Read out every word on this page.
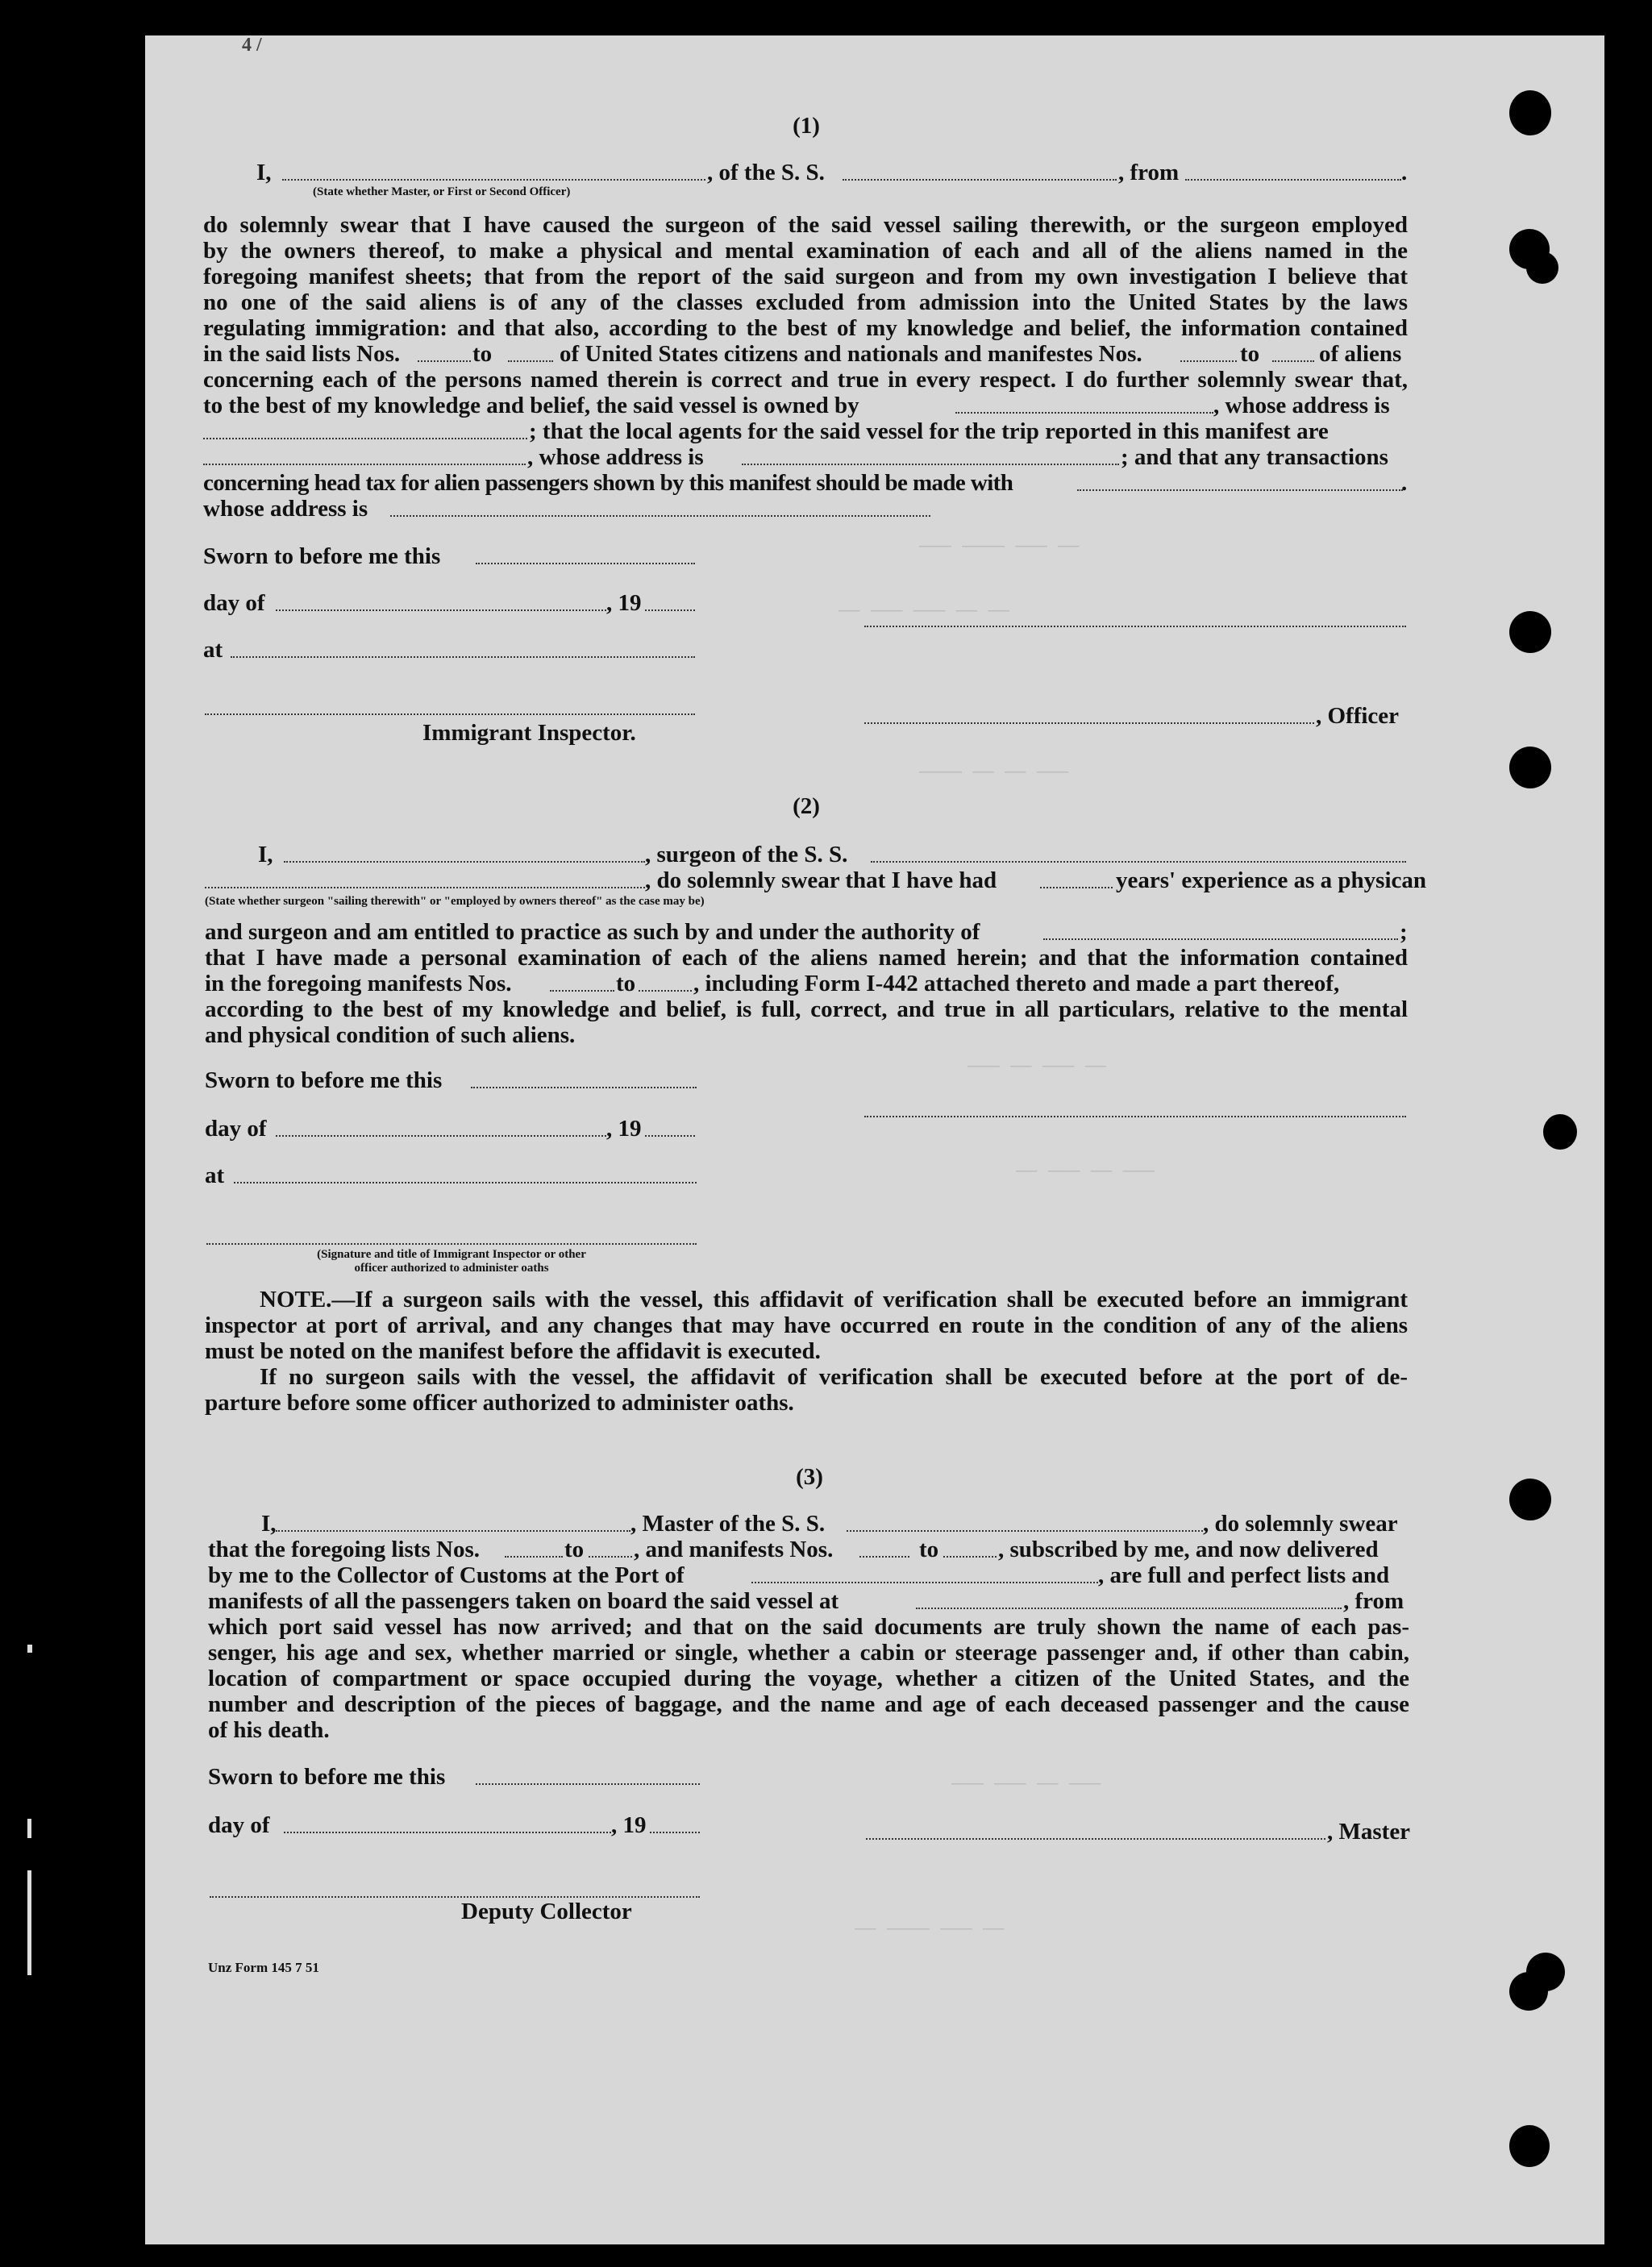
4 /
–—— ———— ——— ——
—— ——— ——— —— ——
———— —— —— ———
——— —— ——— ——
—— ——— —— ———
——— ——— —— ———
—— ———— ——— ——
(1)
I,	, of the S. S.	, from	.
(State whether Master, or First or Second Officer)
do solemnly swear that I have caused the surgeon of the said vessel sailing therewith, or the surgeon employed
by the owners thereof, to make a physical and mental examination of each and all of the aliens named in the
foregoing manifest sheets; that from the report of the said surgeon and from my own investigation I believe that
no one of the said aliens is of any of the classes excluded from admission into the United States by the laws
regulating immigration: and that also, according to the best of my knowledge and belief, the information contained
in the said lists Nos.	to	of United States citizens and nationals and manifestes Nos.	to	of aliens
concerning each of the persons named therein is correct and true in every respect. I do further solemnly swear that,
to the best of my knowledge and belief, the said vessel is owned by	, whose address is
; that the local agents for the said vessel for the trip reported in this manifest are
, whose address is	; and that any transactions
concerning head tax for alien passengers shown by this manifest should be made with	.
whose address is
Sworn to before me this
day of	, 19
at
, Officer
Immigrant Inspector.
(2)
I,	, surgeon of the S. S.
, do solemnly swear that I have had	years' experience as a physican
(State whether surgeon "sailing therewith" or "employed by owners thereof" as the case may be)
and surgeon and am entitled to practice as such by and under the authority of	;
that I have made a personal examination of each of the aliens named herein; and that the information contained
in the foregoing manifests Nos.	to , including Form I-442 attached thereto and made a part thereof,
according to the best of my knowledge and belief, is full, correct, and true in all particulars, relative to the mental
and physical condition of such aliens.
Sworn to before me this
day of	, 19
at
(Signature and title of Immigrant Inspector or other
officer authorized to administer oaths
NOTE.—If a surgeon sails with the vessel, this affidavit of verification shall be executed before an immigrant
inspector at port of arrival, and any changes that may have occurred en route in the condition of any of the aliens
must be noted on the manifest before the affidavit is executed.
If no surgeon sails with the vessel, the affidavit of verification shall be executed before at the port of de-
parture before some officer authorized to administer oaths.
(3)
I,	, Master of the S. S.	, do solemnly swear
that the foregoing lists Nos.	to , and manifests Nos.	to	, subscribed by me, and now delivered
by me to the Collector of Customs at the Port of	, are full and perfect lists and
manifests of all the passengers taken on board the said vessel at	, from
which port said vessel has now arrived; and that on the said documents are truly shown the name of each pas-
senger, his age and sex, whether married or single, whether a cabin or steerage passenger and, if other than cabin,
location of compartment or space occupied during the voyage, whether a citizen of the United States, and the
number and description of the pieces of baggage, and the name and age of each deceased passenger and the cause
of his death.
Sworn to before me this
day of	, 19	, Master
Deputy Collector
Unz Form 145 7 51
